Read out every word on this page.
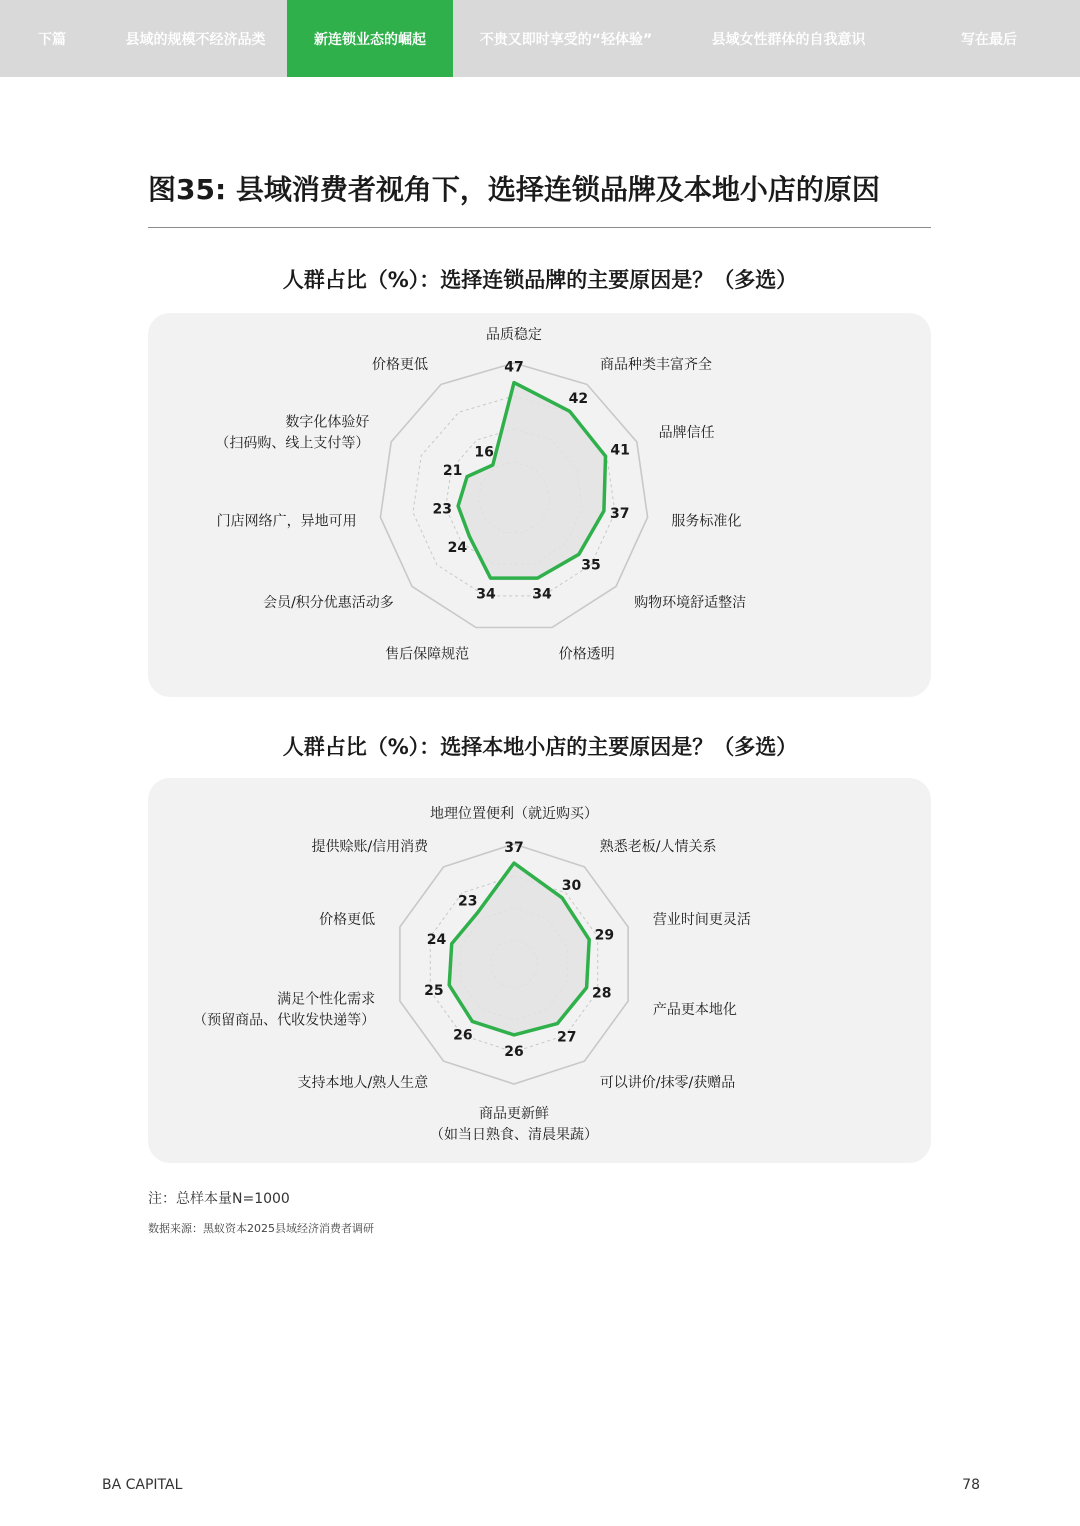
下篇	县域的规模不经济品类	新连锁业态的崛起	不贵又即时享受的“轻体验”	县域女性群体的自我意识	写在最后
图35: 县域消费者视角下，选择连锁品牌及本地小店的原因
人群占比（%）：选择连锁品牌的主要原因是？（多选）
47
42
41
37
35
34
34
24
23
21
16
品质稳定
商品种类丰富齐全
品牌信任
服务标准化
购物环境舒适整洁
价格透明
售后保障规范
会员/积分优惠活动多
门店网络广，异地可用
数字化体验好（扫码购、线上支付等）
价格更低
人群占比（%）：选择本地小店的主要原因是？（多选）
37
30
29
28
27
26
26
25
24
23
地理位置便利（就近购买）
熟悉老板/人情关系
营业时间更灵活
产品更本地化
可以讲价/抹零/获赠品
商品更新鲜（如当日熟食、清晨果蔬）
支持本地人/熟人生意
满足个性化需求（预留商品、代收发快递等）
价格更低
提供赊账/信用消费
注：总样本量N=1000
数据来源：黑蚁资本2025县域经济消费者调研
BA CAPITAL	78
